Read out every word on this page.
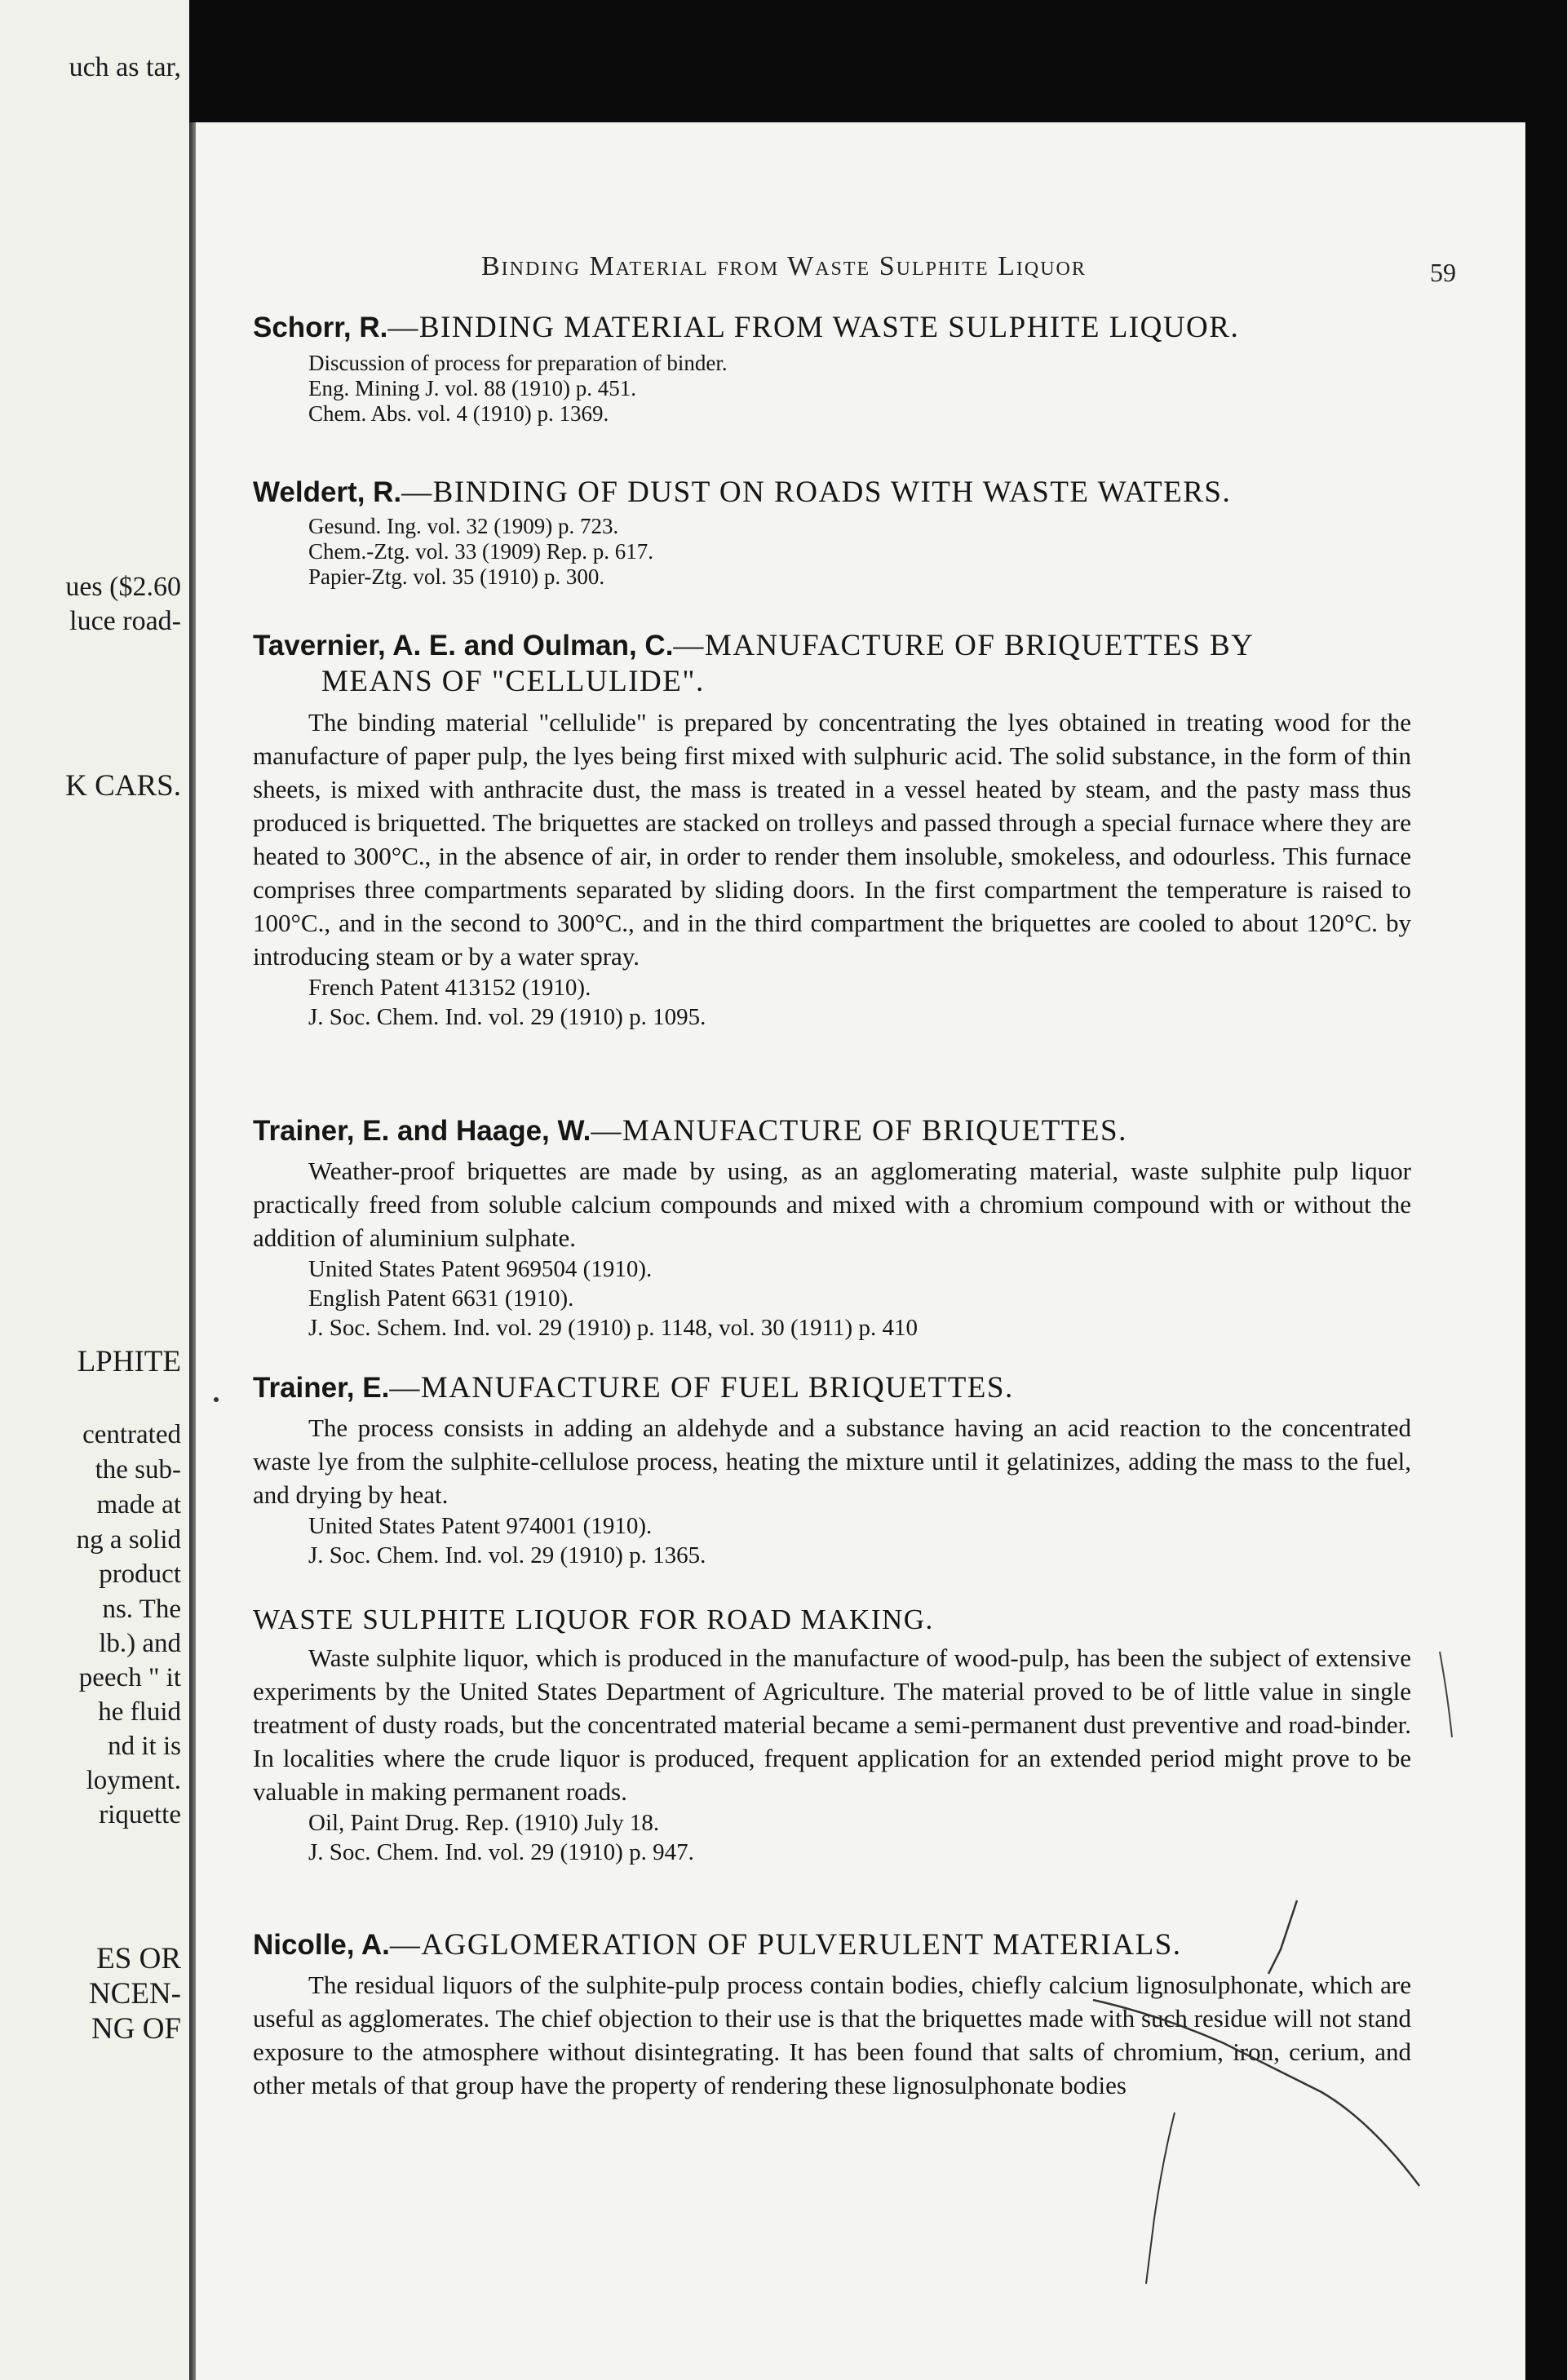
uch as tar,
ues ($2.60
luce road-
K CARS.
LPHITE
centrated
the sub-
made at
ng a solid
product
ns. The
lb.) and
peech " it
he fluid
nd it is
loyment.
riquette
ES OR
NCEN-
NG OF
Binding Material from Waste Sulphite Liquor	59
Schorr, R.—BINDING MATERIAL FROM WASTE SULPHITE LIQUOR.
Discussion of process for preparation of binder.
Eng. Mining J. vol. 88 (1910) p. 451.
Chem. Abs. vol. 4 (1910) p. 1369.
Weldert, R.—BINDING OF DUST ON ROADS WITH WASTE WATERS.
Gesund. Ing. vol. 32 (1909) p. 723.
Chem.-Ztg. vol. 33 (1909) Rep. p. 617.
Papier-Ztg. vol. 35 (1910) p. 300.
Tavernier, A. E. and Oulman, C.—MANUFACTURE OF BRIQUETTES BY
MEANS OF "CELLULIDE".

The binding material "cellulide" is prepared by concentrating the lyes obtained in treating wood for the manufacture of paper pulp, the lyes being first mixed with sulphuric acid. The solid substance, in the form of thin sheets, is mixed with anthracite dust, the mass is treated in a vessel heated by steam, and the pasty mass thus produced is briquetted. The briquettes are stacked on trolleys and passed through a special furnace where they are heated to 300°C., in the absence of air, in order to render them insoluble, smokeless, and odourless. This furnace comprises three compartments separated by sliding doors. In the first compartment the temperature is raised to 100°C., and in the second to 300°C., and in the third compartment the briquettes are cooled to about 120°C. by introducing steam or by a water spray.

French Patent 413152 (1910).
J. Soc. Chem. Ind. vol. 29 (1910) p. 1095.
Trainer, E. and Haage, W.—MANUFACTURE OF BRIQUETTES.

Weather-proof briquettes are made by using, as an agglomerating material, waste sulphite pulp liquor practically freed from soluble calcium compounds and mixed with a chromium compound with or without the addition of aluminium sulphate.

United States Patent 969504 (1910).
English Patent 6631 (1910).
J. Soc. Schem. Ind. vol. 29 (1910) p. 1148, vol. 30 (1911) p. 410
Trainer, E.—MANUFACTURE OF FUEL BRIQUETTES.

The process consists in adding an aldehyde and a substance having an acid reaction to the concentrated waste lye from the sulphite-cellulose process, heating the mixture until it gelatinizes, adding the mass to the fuel, and drying by heat.

United States Patent 974001 (1910).
J. Soc. Chem. Ind. vol. 29 (1910) p. 1365.
WASTE SULPHITE LIQUOR FOR ROAD MAKING.

Waste sulphite liquor, which is produced in the manufacture of wood-pulp, has been the subject of extensive experiments by the United States Department of Agriculture. The material proved to be of little value in single treatment of dusty roads, but the concentrated material became a semi-permanent dust preventive and road-binder. In localities where the crude liquor is produced, frequent application for an extended period might prove to be valuable in making permanent roads.

Oil, Paint Drug. Rep. (1910) July 18.
J. Soc. Chem. Ind. vol. 29 (1910) p. 947.
Nicolle, A.—AGGLOMERATION OF PULVERULENT MATERIALS.

The residual liquors of the sulphite-pulp process contain bodies, chiefly calcium lignosulphonate, which are useful as agglomerates. The chief objection to their use is that the briquettes made with such residue will not stand exposure to the atmosphere without disintegrating. It has been found that salts of chromium, iron, cerium, and other metals of that group have the property of rendering these lignosulphonate bodies
